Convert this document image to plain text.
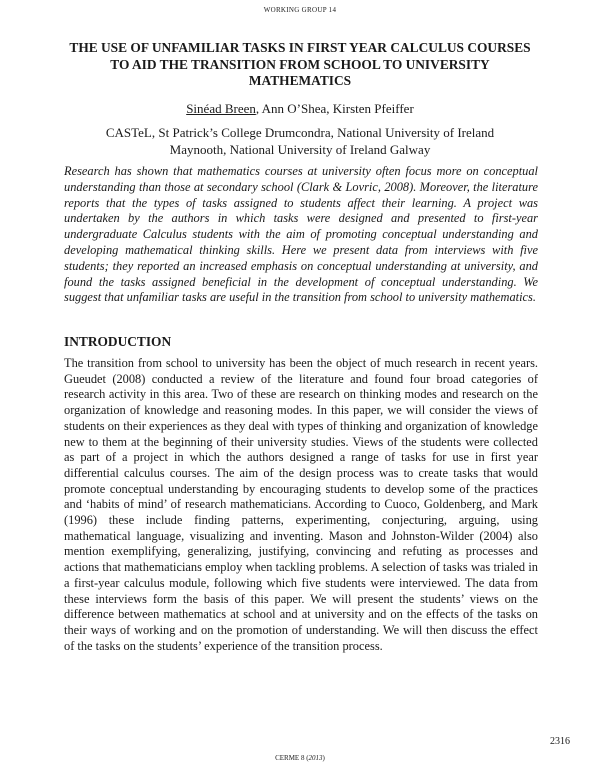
WORKING GROUP 14
THE USE OF UNFAMILIAR TASKS IN FIRST YEAR CALCULUS COURSES TO AID THE TRANSITION FROM SCHOOL TO UNIVERSITY MATHEMATICS
Sinéad Breen, Ann O’Shea, Kirsten Pfeiffer
CASTeL, St Patrick’s College Drumcondra, National University of Ireland
Maynooth, National University of Ireland Galway

Research has shown that mathematics courses at university often focus more on conceptual understanding than those at secondary school (Clark & Lovric, 2008). Moreover, the literature reports that the types of tasks assigned to students affect their learning. A project was undertaken by the authors in which tasks were designed and presented to first-year undergraduate Calculus students with the aim of promoting conceptual understanding and developing mathematical thinking skills. Here we present data from interviews with five students; they reported an increased emphasis on conceptual understanding at university, and found the tasks assigned beneficial in the development of conceptual understanding. We suggest that unfamiliar tasks are useful in the transition from school to university mathematics.

INTRODUCTION

The transition from school to university has been the object of much research in recent years. Gueudet (2008) conducted a review of the literature and found four broad categories of research activity in this area. Two of these are research on thinking modes and research on the organization of knowledge and reasoning modes. In this paper, we will consider the views of students on their experiences as they deal with types of thinking and organization of knowledge new to them at the beginning of their university studies. Views of the students were collected as part of a project in which the authors designed a range of tasks for use in first year differential calculus courses. The aim of the design process was to create tasks that would promote conceptual understanding by encouraging students to develop some of the practices and ‘habits of mind’ of research mathematicians. According to Cuoco, Goldenberg, and Mark (1996) these include finding patterns, experimenting, conjecturing, arguing, using mathematical language, visualizing and inventing. Mason and Johnston-Wilder (2004) also mention exemplifying, generalizing, justifying, convincing and refuting as processes and actions that mathematicians employ when tackling problems. A selection of tasks was trialed in a first-year calculus module, following which five students were interviewed. The data from these interviews form the basis of this paper. We will present the students’ views on the difference between mathematics at school and at university and on the effects of the tasks on their ways of working and on the promotion of understanding. We will then discuss the effect of the tasks on the students’ experience of the transition process.

2316
CERME 8 (2013)
